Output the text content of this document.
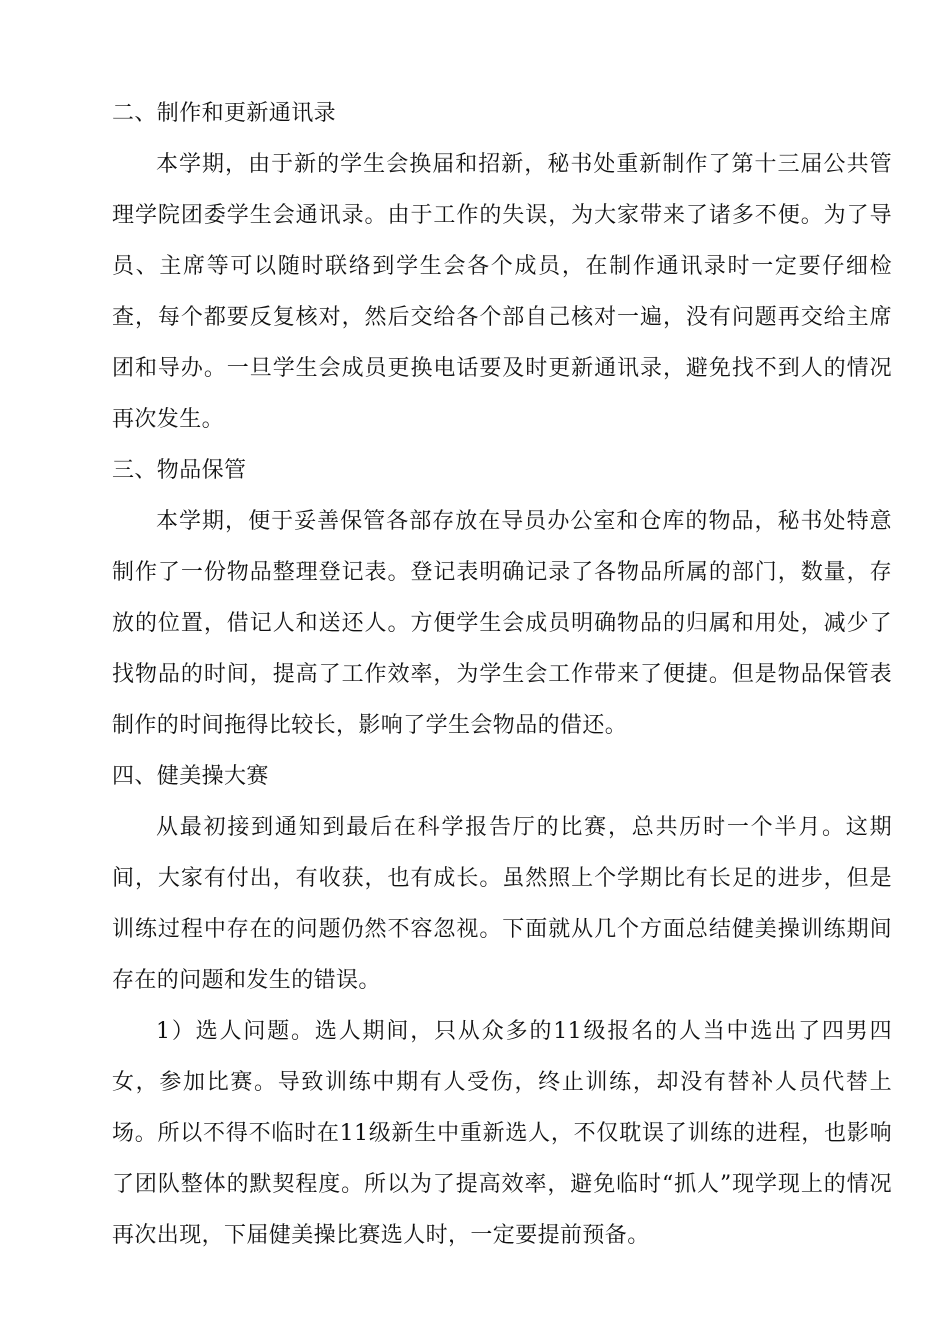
二、制作和更新通讯录

本学期，由于新的学生会换届和招新，秘书处重新制作了第十三届公共管理学院团委学生会通讯录。由于工作的失误，为大家带来了诸多不便。为了导员、主席等可以随时联络到学生会各个成员，在制作通讯录时一定要仔细检查，每个都要反复核对，然后交给各个部自己核对一遍，没有问题再交给主席团和导办。一旦学生会成员更换电话要及时更新通讯录，避免找不到人的情况再次发生。

三、物品保管

本学期，便于妥善保管各部存放在导员办公室和仓库的物品，秘书处特意制作了一份物品整理登记表。登记表明确记录了各物品所属的部门，数量，存放的位置，借记人和送还人。方便学生会成员明确物品的归属和用处，减少了找物品的时间，提高了工作效率，为学生会工作带来了便捷。但是物品保管表制作的时间拖得比较长，影响了学生会物品的借还。

四、健美操大赛

从最初接到通知到最后在科学报告厅的比赛，总共历时一个半月。这期间，大家有付出，有收获，也有成长。虽然照上个学期比有长足的进步，但是训练过程中存在的问题仍然不容忽视。下面就从几个方面总结健美操训练期间存在的问题和发生的错误。

1）选人问题。选人期间，只从众多的11级报名的人当中选出了四男四女，参加比赛。导致训练中期有人受伤，终止训练，却没有替补人员代替上场。所以不得不临时在11级新生中重新选人，不仅耽误了训练的进程，也影响了团队整体的默契程度。所以为了提高效率，避免临时“抓人”现学现上的情况再次出现，下届健美操比赛选人时，一定要提前预备。
